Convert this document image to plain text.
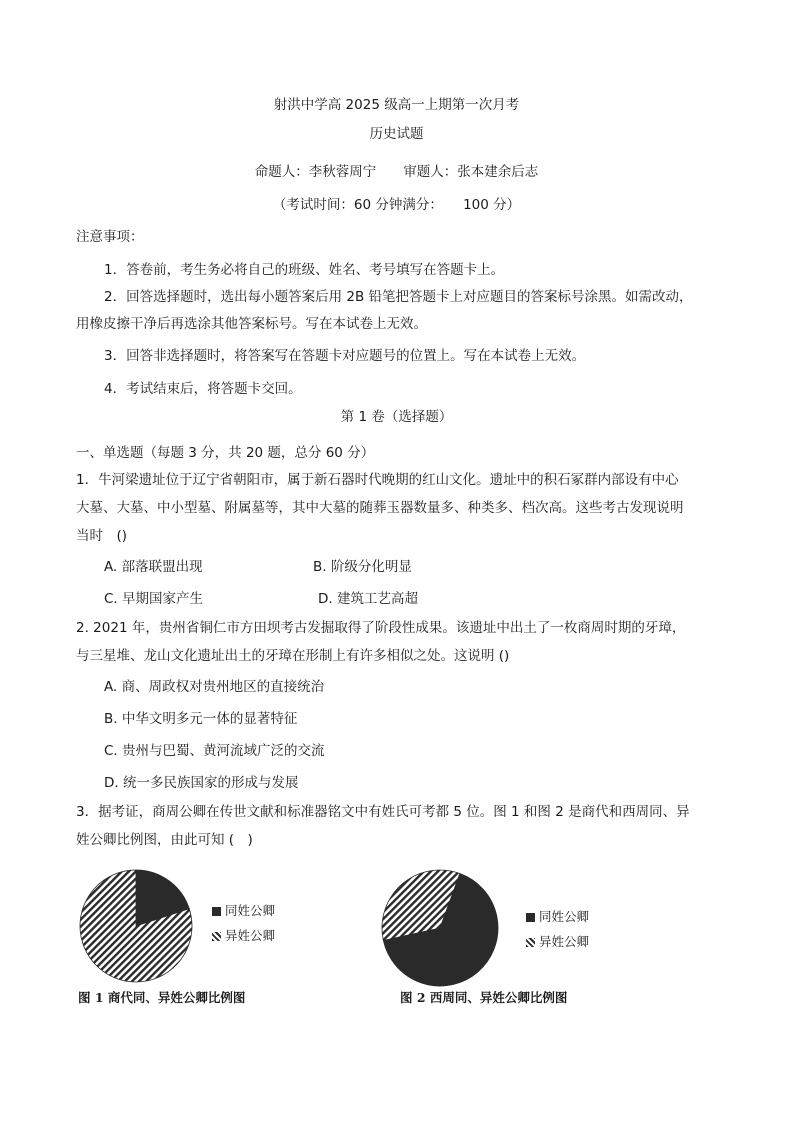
射洪中学高 2025 级高一上期第一次月考
历史试题
命题人：李秋蓉周宁　　审题人：张本建余后志
（考试时间：60 分钟满分：　　100 分）
注意事项：
1．答卷前，考生务必将自己的班级、姓名、考号填写在答题卡上。
2．回答选择题时，选出每小题答案后用 2B 铅笔把答题卡上对应题目的答案标号涂黑。如需改动，
用橡皮擦干净后再选涂其他答案标号。写在本试卷上无效。
3．回答非选择题时，将答案写在答题卡对应题号的位置上。写在本试卷上无效。
4．考试结束后，将答题卡交回。
第 1 卷（选择题）
一、单选题（每题 3 分，共 20 题，总分 60 分）
1．牛河梁遗址位于辽宁省朝阳市，属于新石器时代晚期的红山文化。遗址中的积石冢群内部设有中心
大墓、大墓、中小型墓、附属墓等，其中大墓的随葬玉器数量多、种类多、档次高。这些考古发现说明
当时　()
A. 部落联盟出现	B. 阶级分化明显
C. 早期国家产生	D. 建筑工艺高超
2. 2021 年，贵州省铜仁市方田坝考古发掘取得了阶段性成果。该遗址中出土了一枚商周时期的牙璋，
与三星堆、龙山文化遗址出土的牙璋在形制上有许多相似之处。这说明 ()
A. 商、周政权对贵州地区的直接统治
B. 中华文明多元一体的显著特征
C. 贵州与巴蜀、黄河流域广泛的交流
D. 统一多民族国家的形成与发展
3．据考证，商周公卿在传世文献和标准器铭文中有姓氏可考都 5 位。图 1 和图 2 是商代和西周同、异
姓公卿比例图，由此可知 (　)
同姓公卿
异姓公卿
图 1 商代同、异姓公卿比例图
同姓公卿
异姓公卿
图 2 西周同、异姓公卿比例图
